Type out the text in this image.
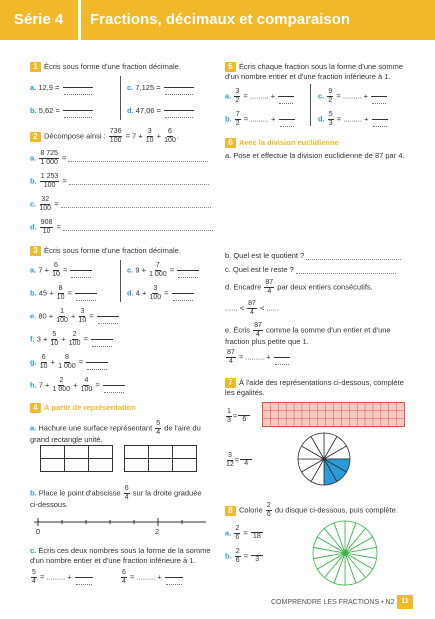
Série 4 Fractions, décimaux et comparaison
1 Écris sous forme d'une fraction décimale.
a. 12,9 =
b. 5,62 =
c. 7,125 =
d. 47,06 =
2 Décompose ainsi : $\frac{736}{100} = 7 + \frac{3}{10} + \frac{6}{100}$ .
a. $\frac{8 725}{1 000}$ =
b. $\frac{1 253}{100}$ =
c. $\frac{32}{100}$ =
d. $\frac{908}{10}$ =
3 Écris sous forme d'une fraction décimale.
a. $7 + \frac{6}{10}$ =
b. $45 + \frac{8}{10}$ =
c. $9 + \frac{7}{1 000}$ =
d. $4 + \frac{3}{100}$ =
e. $80 + \frac{1}{100} + \frac{3}{10}$ =
f. $3 + \frac{5}{10} + \frac{2}{100}$ =
g. $\frac{6}{10} + \frac{8}{1 000}$ =
h. $7 + \frac{2}{1 000} + \frac{4}{100}$ =
4 À partir de représentation
a. Hachure une surface représentant $\frac{5}{4}$ de l'aire du
grand rectangle unité.
b. Place le point d'abscisse $\frac{6}{4}$ sur la droite graduée
ci-dessous.
0	2
c. Écris ces deux nombres sous la forme de la somme
d'un nombre entier et d'une fraction inférieure à 1.
$\frac{5}{4}$ = ......... +	$\frac{6}{4}$ = ......... +
5 Écris chaque fraction sous la forme d'une somme
d'un nombre entier et d'une fraction inférieure à 1.
a. $\frac{3}{2}$ = ......... +
b. $\frac{7}{2}$ = ......... +
c. $\frac{9}{2}$ = ......... +
d. $\frac{5}{3}$ = ......... +
6 Avec la division euclidienne
a. Pose et effectue la division euclidienne de 87 par 4.
b. Quel est le quotient ?
c. Quel est le reste ?
d. Encadre $\frac{87}{4}$ par deux entiers consécutifs.
...... < $\frac{87}{4}$ < ......
e. Écris $\frac{87}{4}$ comme la somme d'un entier et d'une
fraction plus petite que 1.
$\frac{87}{4}$ = ......... +
7 À l'aide des représentations ci-dessous, complète
les égalités.
$\frac{1}{3} = 6$
$\frac{3}{12} = 4$
8 Colorie $\frac{2}{6}$ du disque ci-dessous, puis complète.
a. $\frac{2}{6} = 18$
b. $\frac{2}{6} = 3$
COMPRENDRE LES FRACTIONS • N2 11
